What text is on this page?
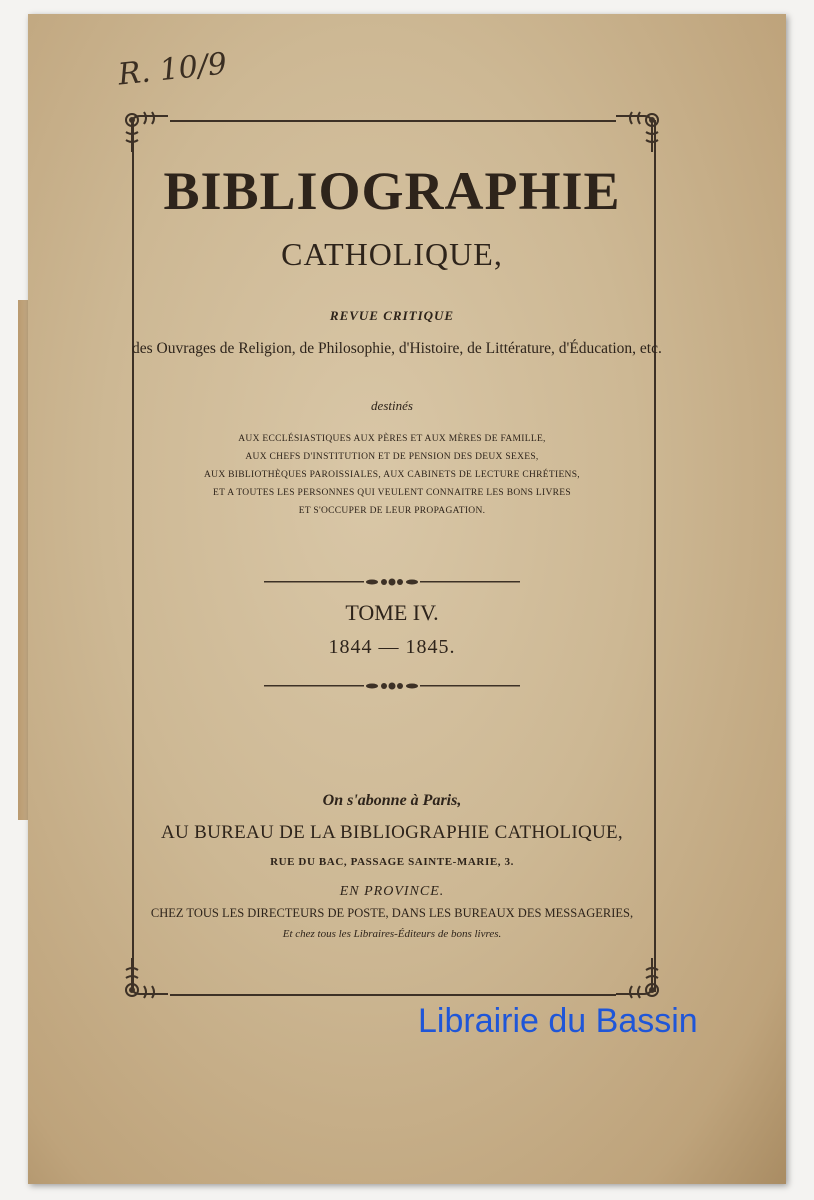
R. 10/9
BIBLIOGRAPHIE
CATHOLIQUE,
REVUE CRITIQUE
des Ouvrages de Religion, de Philosophie, d'Histoire, de Littérature, d'Éducation, etc.
destinés
AUX ECCLÉSIASTIQUES AUX PÈRES ET AUX MÈRES DE FAMILLE,
AUX CHEFS D'INSTITUTION ET DE PENSION DES DEUX SEXES,
AUX BIBLIOTHÈQUES PAROISSIALES, AUX CABINETS DE LECTURE CHRÉTIENS,
ET A TOUTES LES PERSONNES QUI VEULENT CONNAITRE LES BONS LIVRES
ET S'OCCUPER DE LEUR PROPAGATION.
TOME IV.
1844 — 1845.
On s'abonne à Paris,
AU BUREAU DE LA BIBLIOGRAPHIE CATHOLIQUE,
RUE DU BAC, PASSAGE SAINTE-MARIE, 3.
EN PROVINCE.
CHEZ TOUS LES DIRECTEURS DE POSTE, DANS LES BUREAUX DES MESSAGERIES,
Et chez tous les Libraires-Éditeurs de bons livres.
Librairie du Bassin
